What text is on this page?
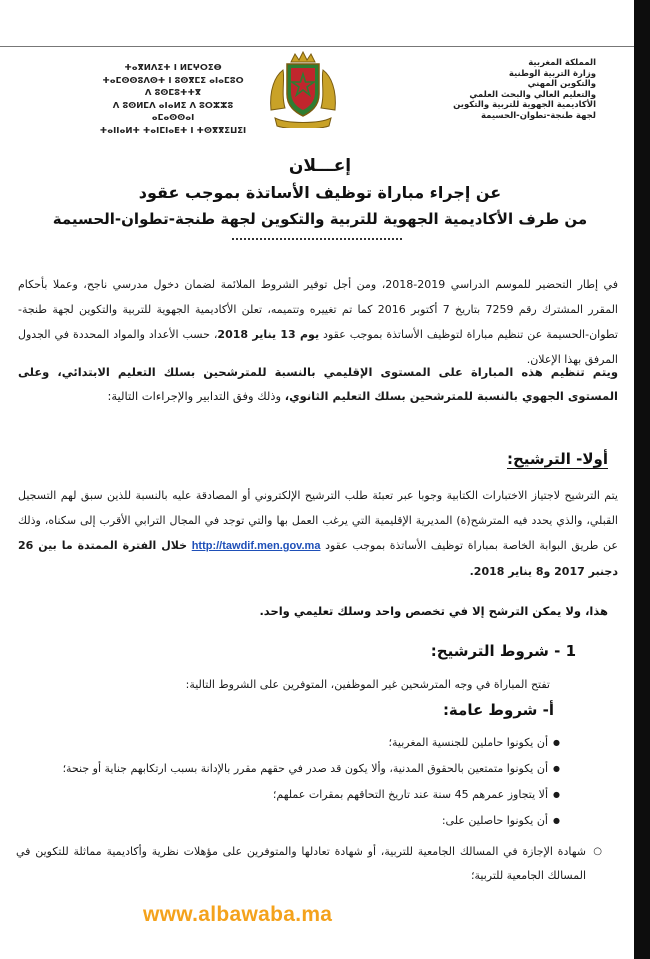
ⵜⴰⴳⵍⴷⵉⵜ ⵏ ⵍⵎⵖⵔⵉⴱ
ⵜⴰⵎⵙⵙⵓⴷⵙⵜ ⵏ ⵓⵙⴳⵎⵉ ⴰⵏⴰⵎⵓⵔ
ⴷ ⵓⵙⵎⵓⵜⵜⴳ
ⴷ ⵓⵙⵍⵎⴷ ⴰⵏⴰⵍⵉ ⴷ ⵓⵔⵣⵣⵓ ⴰⵎⴰⵙⵙⴰⵏ
ⵜⴰⵏⵏⴰⵍⵜ ⵜⴰⵏⵎⵏⴰⴹⵜ ⵏ ⵜⵙⴳⴳⵉⵡⵉⵏ
المملكة المغربية
وزارة التربية الوطنية
والتكوين المهني
والتعليم العالي والبحث العلمي
الأكاديمية الجهوية للتربية والتكوين
لجهة طنجة-تطوان-الحسيمة
إعـــلان
عن إجراء مباراة توظيف الأساتذة بموجب عقود
من طرف الأكاديمية الجهوية للتربية والتكوين لجهة طنجة-تطوان-الحسيمة
في إطار التحضير للموسم الدراسي 2019-2018، ومن أجل توفير الشروط الملائمة لضمان دخول مدرسي ناجح، وعملا بأحكام المقرر المشترك رقم 7259 بتاريخ 7 أكتوبر 2016 كما تم تغييره وتتميمه، تعلن الأكاديمية الجهوية للتربية والتكوين لجهة طنجة-تطوان-الحسيمة عن تنظيم مباراة لتوظيف الأساتذة بموجب عقود يوم 13 يناير 2018، حسب الأعداد والمواد المحددة في الجدول المرفق بهذا الإعلان.
ويتم تنظيم هذه المباراة على المستوى الإقليمي بالنسبة للمترشحين بسلك التعليم الابتدائي، وعلى المستوى الجهوي بالنسبة للمترشحين بسلك التعليم الثانوي، وذلك وفق التدابير والإجراءات التالية:
أولا- الترشيح:
يتم الترشيح لاجتياز الاختبارات الكتابية وجوبا عبر تعبئة طلب الترشيح الإلكتروني أو المصادقة عليه بالنسبة للذين سبق لهم التسجيل القبلي، والذي يحدد فيه المترشح(ة) المديرية الإقليمية التي يرغب العمل بها والتي توجد في المجال الترابي الأقرب إلى سكناه، وذلك عن طريق البوابة الخاصة بمباراة توظيف الأساتذة بموجب عقود http://tawdif.men.gov.ma خلال الفترة الممتدة ما بين 26 دجنبر 2017 و8 يناير 2018.
هذا، ولا يمكن الترشح إلا في تخصص واحد وسلك تعليمي واحد.
1 - شروط الترشيح:
تفتح المباراة في وجه المترشحين غير الموظفين، المتوفرين على الشروط التالية:
أ- شروط عامة:
● أن يكونوا حاملين للجنسية المغربية؛
● أن يكونوا متمتعين بالحقوق المدنية، وألا يكون قد صدر في حقهم مقرر بالإدانة بسبب ارتكابهم جناية أو جنحة؛
● ألا يتجاوز عمرهم 45 سنة عند تاريخ التحاقهم بمقرات عملهم؛
● أن يكونوا حاصلين على:
○ شهادة الإجازة في المسالك الجامعية للتربية، أو شهادة تعادلها والمتوفرين على مؤهلات نظرية وأكاديمية مماثلة للتكوين في المسالك الجامعية للتربية؛
www.albawaba.ma
